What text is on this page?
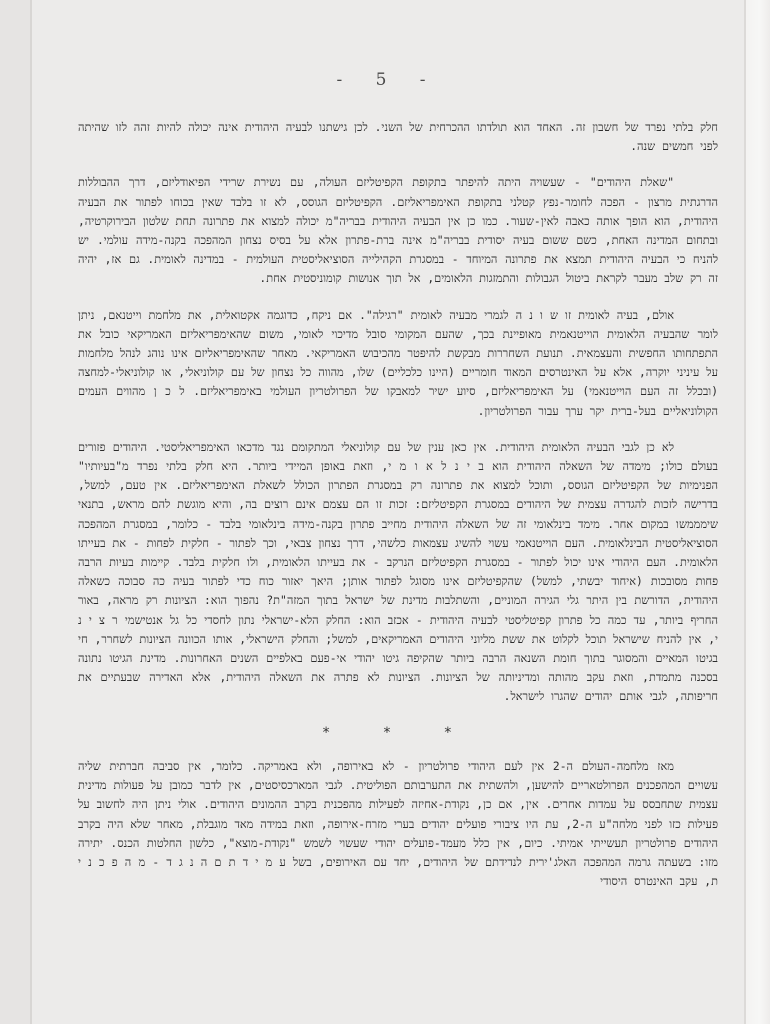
- 5 -

חלק בלתי נפרד של חשבון זה. האחד הוא תולדתו ההכרחית של השני. לכן גישתנו לבעיה היהודית אינה יכולה להיות זהה לזו שהיתה לפני חמשים שנה.

"שאלת היהודים" - שעשויה היתה להיפתר בתקופת הקפיטליזם העולה, עם נשירת שרידי הפיאודליזם, דרך ההבוללות הדרגתית מרצון - הפכה לחומר-נפץ קטלני בתקופת האימפריאליזם. הקפיטליזם הגוסס, לא זו בלבד שאין בכוחו לפתור את הבעיה היהודית, הוא הופך אותה כאבה לאין-שעור. כמו כן אין הבעיה היהודית בבריה"מ יכולה למצוא את פתרונה תחת שלטון הבירוקרטיה, ובתחום המדינה האחת, כשם ששום בעיה יסודית בבריה"מ אינה ברת-פתרון אלא על בסיס נצחון המהפכה בקנה-מידה עולמי. יש להניח כי הבעיה היהודית תמצא את פתרונה המיוחד - במסגרת הקהילייה הסוציאליסטית העולמית - במדינה לאומית. גם אז, יהיה זה רק שלב מעבר לקראת ביטול הגבולות והתמזגות הלאומים, אל תוך אנושות קומוניסטית אחת.

אולם, בעיה לאומית זו ש ו נ ה לגמרי מבעיה לאומית "רגילה". אם ניקח, כדוגמה אקטואלית, את מלחמת וייטנאם, ניתן לומר שהבעיה הלאומית הוייטנאמית מאופיינת בכך, שהעם המקומי סובל מדיכוי לאומי, משום שהאימפריאליזם האמריקאי כובל את התפתחותו החפשית והעצמאית. תנועת השחררות מבקשת להיפטר מהכיבוש האמריקאי. מאחר שהאימפריאליזם אינו נוהג לנהל מלחמות על עיניני יוקרה, אלא על האינטרסים המאוד חומריים (היינו כלכליים) שלו, מהווה כל נצחון של עם קולוניאלי, או קולוניאלי-למחצה (ובכלל זה העם הוייטנאמי) על האימפריאליזם, סיוע ישיר למאבקו של הפרולטריון העולמי באימפריאליזם. ל כ ן מהווים העמים הקולוניאליים בעל-ברית יקר ערך עבור הפרולטריון.

לא כן לגבי הבעיה הלאומית היהודית. אין כאן ענין של עם קולוניאלי המתקומם נגד מדכאו האימפריאליסטי. היהודים פזורים בעולם כולו; מימדה של השאלה היהודית הוא ב י נ ל א ו מ י, וזאת באופן המיידי ביותר. היא חלק בלתי נפרד מ"בעיותיו" הפנימיות של הקפיטליזם הגוסס, ותוכל למצוא את פתרונה רק במסגרת הפתרון הכולל לשאלת האימפריאליזם. אין טעם, למשל, בדרישה לזכות להגדרה עצמית של היהודים במסגרת הקפיטליזם: זכות זו הם עצמם אינם רוצים בה, והיא מוגשת להם מראש, בתנאי שימממשו במקום אחר. מימד בינלאומי זה של השאלה היהודית מחייב פתרון בקנה-מידה בינלאומי בלבד - כלומר, במסגרת המהפכה הסוציאליסטית הבינלאומית. העם הוייטנאמי עשוי להשיג עצמאות כלשהי, דרך נצחון צבאי, וכך לפתור - חלקית לפחות - את בעייתו הלאומית. העם היהודי אינו יכול לפתור - במסגרת הקפיטליזם הנרקב - את בעייתו הלאומית, ולו חלקית בלבד. קיימות בעיות הרבה פחות מסובכות (איחוד יבשתי, למשל) שהקפיטליזם אינו מסוגל לפתור אותן; היאך יאזור כוח כדי לפתור בעיה כה סבוכה כשאלה היהודית, הדורשת בין היתר גלי הגירה המוניים, והשתלבות מדינת של ישראל בתוך המזה"ת? נהפוך הוא: הציונות רק מראה, באור החריף ביותר, עד כמה כל פתרון קפיטליסטי לבעיה היהודית - אכזב הוא: החלק הלא-ישראלי נתון לחסדי כל גל אנטישמי ר צ י נ י, אין להניח שישראל תוכל לקלוט את ששת מליוני היהודים האמריקאים, למשל; והחלק הישראלי, אותו הכוונה הציונות לשחרר, חי בגיטו המאיים והמסוגר בתוך חומת השנאה הרבה ביותר שהקיפה גיטו יהודי אי-פעם באלפיים השנים האחרונות. מדינת הגיטו נתונה בסכנה מתמדת, וזאת עקב מהותה ומדיניותה של הציונות. הציונות לא פתרה את השאלה היהודית, אלא האדירה שבעתיים את חריפותה, לגבי אותם יהודים שהגרו לישראל.

* * *

מאז מלחמה-העולם ה-2 אין לעם היהודי פרולטריון - לא באירופה, ולא באמריקה. כלומר, אין סביבה חברתית שליה עשויים המהפכנים הפרולטאריים להישען, ולהשתית את התערבותם הפוליטית. לגבי המארכסיסטים, אין לדבר כמובן על פעולות מדינית עצמית שתחבסס על עמדות אחרים. אין, אם כן, נקודת-אחיזה לפעילות מהפכנית בקרב ההמונים היהודים. אולי ניתן היה לחשוב על פעילות כזו לפני מלחה"ע ה-2, עת היו ציבורי פועלים יהודים בערי מזרח-אירופה, וזאת במידה מאד מוגבלת, מאחר שלא היה בקרב היהודים פרולטריון תעשייתי אמיתי. כיום, אין כלל מעמד-פועלים יהודי שעשוי לשמש "נקודת-מוצא", כלשון החלטות הכנס. יתירה מזו: בשעתה גרמה המהפכה האלג'ירית לנדידתם של היהודים, יחד עם האירופים, בשל ע מ י ד ת ם ה נ ג ד - מ ה פ כ נ י ת, עקב האינטרס היסודי
